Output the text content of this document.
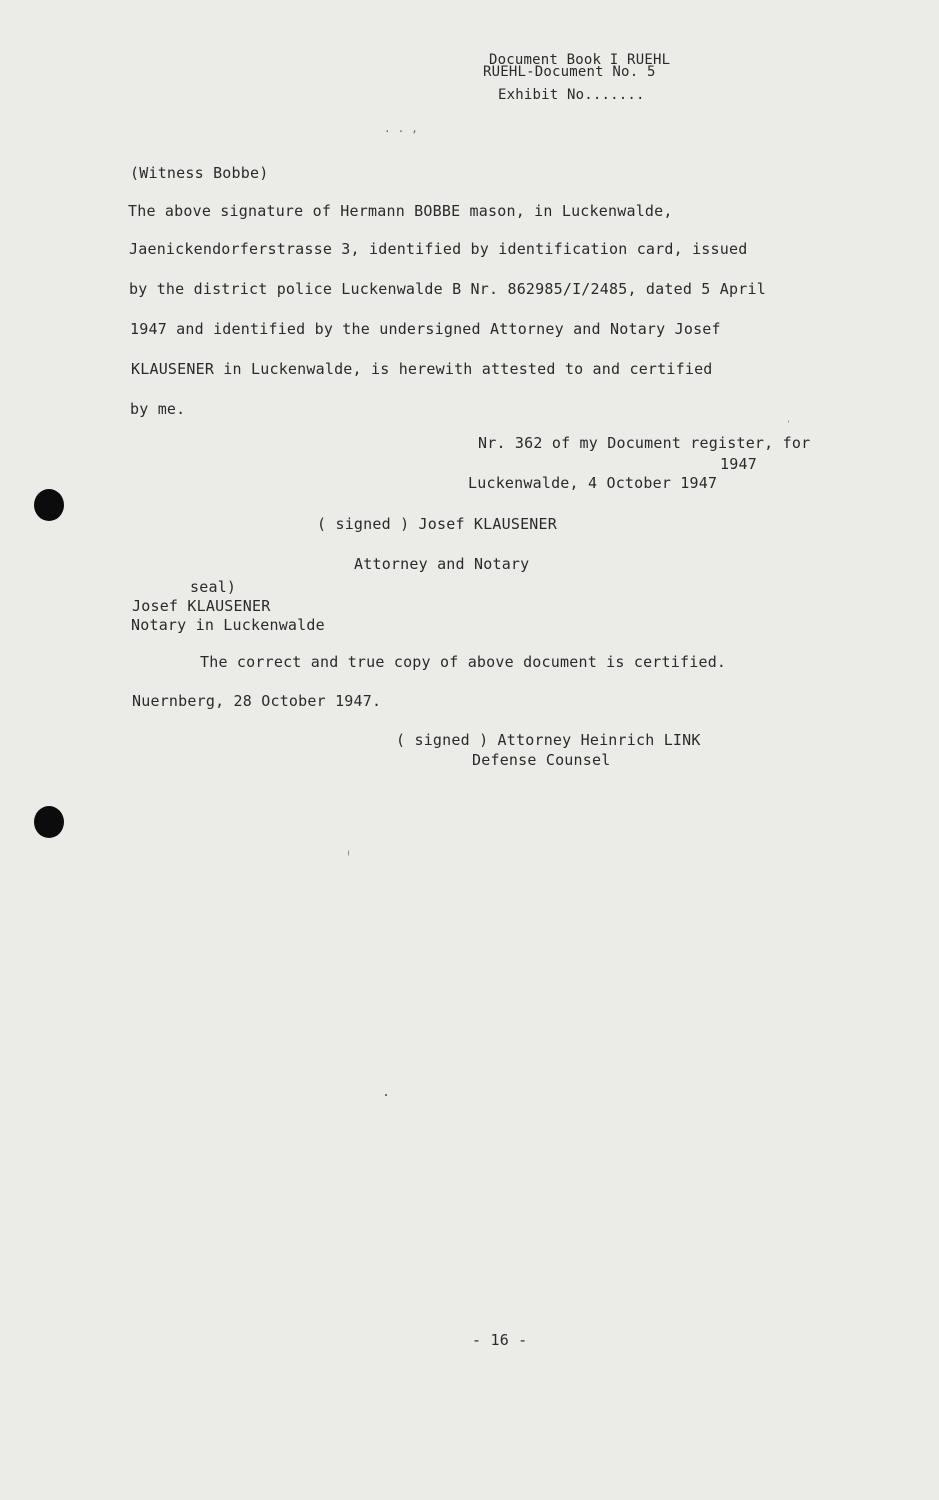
Document Book I RUEHL
RUEHL-Document No. 5
Exhibit No.......
. . ,
(Witness Bobbe)
The above signature of Hermann BOBBE mason, in Luckenwalde,
Jaenickendorferstrasse 3, identified by identification card, issued
by the district police Luckenwalde B Nr. 862985/I/2485, dated 5 April
1947 and identified by the undersigned Attorney and Notary Josef
KLAUSENER in Luckenwalde, is herewith attested to and certified
by me.
Nr. 362 of my Document register, for
1947
Luckenwalde, 4 October 1947
( signed ) Josef KLAUSENER
Attorney and Notary
seal)
Josef KLAUSENER
Notary in Luckenwalde
The correct and true copy of above document is certified.
Nuernberg, 28 October 1947.
( signed ) Attorney Heinrich LINK
Defense Counsel
- 16 -
